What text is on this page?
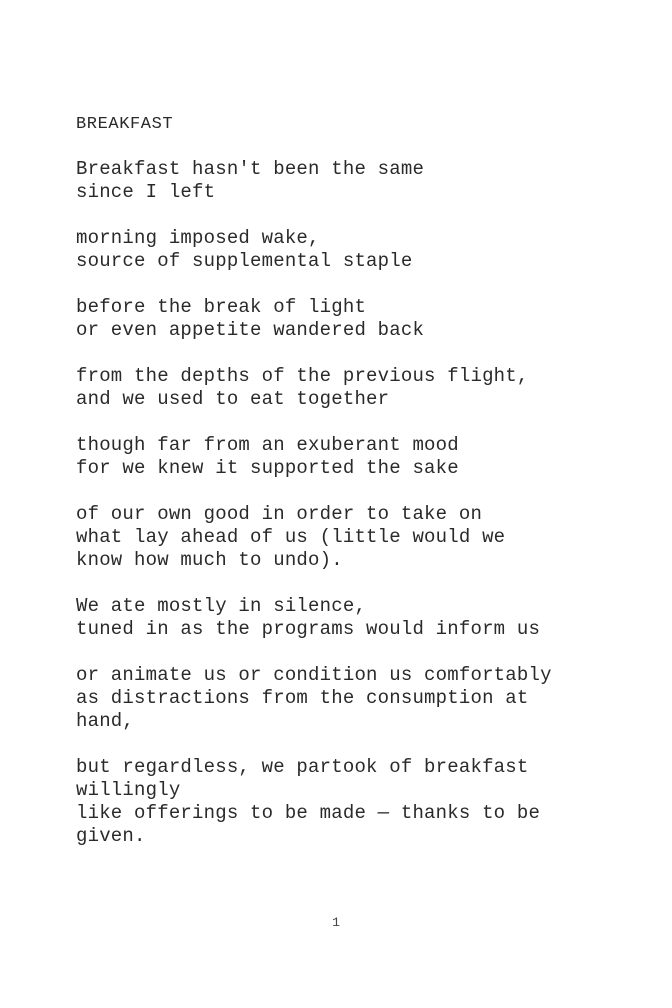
BREAKFAST
Breakfast hasn't been the same
since I left
morning imposed wake,
source of supplemental staple
before the break of light
or even appetite wandered back
from the depths of the previous flight,
and we used to eat together
though far from an exuberant mood
for we knew it supported the sake
of our own good in order to take on
what lay ahead of us (little would we
know how much to undo).
We ate mostly in silence,
tuned in as the programs would inform us
or animate us or condition us comfortably
as distractions from the consumption at
hand,
but regardless, we partook of breakfast
willingly
like offerings to be made — thanks to be
given.
1
